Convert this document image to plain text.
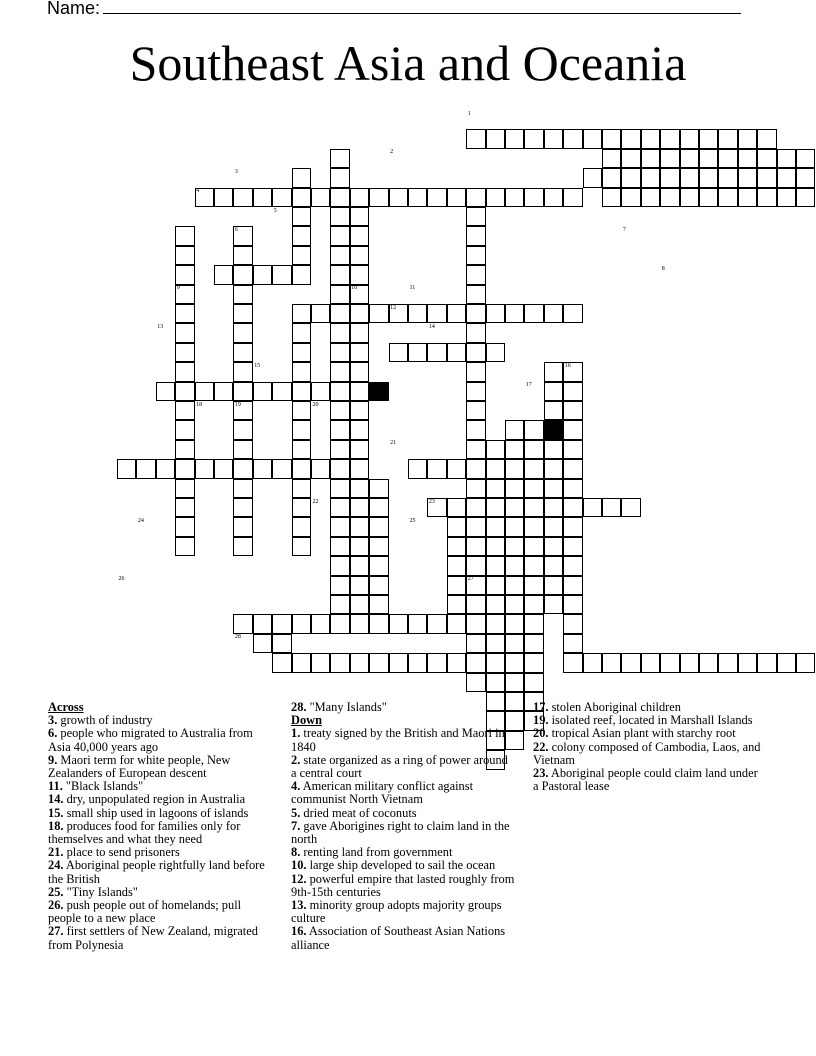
Name:
Southeast Asia and Oceania
1
2
3
4
5
6	7
8
9	10	11
12
13	14
15	16
17
18	19	20
21
22	23
24	25
26	27
28
Across

3. growth of industry

6. people who migrated to Australia from Asia 40,000 years ago

9. Maori term for white people, New Zealanders of European descent

11. "Black Islands"

14. dry, unpopulated region in Australia

15. small ship used in lagoons of islands

18. produces food for families only for themselves and what they need

21. place to send prisoners

24. Aboriginal people rightfully land before the British

25. "Tiny Islands"

26. push people out of homelands; pull people to a new place

27. first settlers of New Zealand, migrated from Polynesia

28. "Many Islands"

Down

1. treaty signed by the British and Maori in 1840

2. state organized as a ring of power around a central court

4. American military conflict against communist North Vietnam

5. dried meat of coconuts

7. gave Aborigines right to claim land in the north

8. renting land from government

10. large ship developed to sail the ocean

12. powerful empire that lasted roughly from 9th-15th centuries

13. minority group adopts majority groups culture

16. Association of Southeast Asian Nations alliance

17. stolen Aboriginal children

19. isolated reef, located in Marshall Islands

20. tropical Asian plant with starchy root

22. colony composed of Cambodia, Laos, and Vietnam

23. Aboriginal people could claim land under a Pastoral lease
